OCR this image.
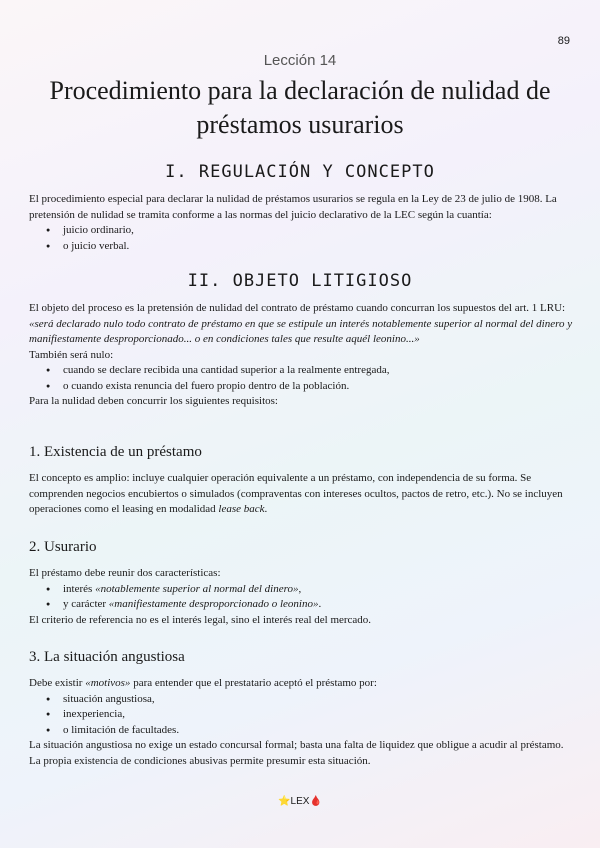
89
Lección 14
Procedimiento para la declaración de nulidad de
préstamos usurarios
I. REGULACIÓN Y CONCEPTO

El procedimiento especial para declarar la nulidad de préstamos usurarios se regula en la Ley de 23 de julio de 1908. La pretensión de nulidad se tramita conforme a las normas del juicio declarativo de la LEC según la cuantía:

● juicio ordinario,
● o juicio verbal.
II. OBJETO LITIGIOSO

El objeto del proceso es la pretensión de nulidad del contrato de préstamo cuando concurran los supuestos del art. 1 LRU:

«será declarado nulo todo contrato de préstamo en que se estipule un interés notablemente superior al normal del dinero y manifiestamente desproporcionado... o en condiciones tales que resulte aquél leonino...»

También será nulo:

● cuando se declare recibida una cantidad superior a la realmente entregada,
● o cuando exista renuncia del fuero propio dentro de la población.

Para la nulidad deben concurrir los siguientes requisitos:

1. Existencia de un préstamo

El concepto es amplio: incluye cualquier operación equivalente a un préstamo, con independencia de su forma. Se comprenden negocios encubiertos o simulados (compraventas con intereses ocultos, pactos de retro, etc.). No se incluyen operaciones como el leasing en modalidad lease back.

2. Usurario

El préstamo debe reunir dos características:

● interés «notablemente superior al normal del dinero»,
● y carácter «manifiestamente desproporcionado o leonino».

El criterio de referencia no es el interés legal, sino el interés real del mercado.

3. La situación angustiosa

Debe existir «motivos» para entender que el prestatario aceptó el préstamo por:

● situación angustiosa,
● inexperiencia,
● o limitación de facultades.

La situación angustiosa no exige un estado concursal formal; basta una falta de liquidez que obligue a acudir al préstamo.

La propia existencia de condiciones abusivas permite presumir esta situación.

⭐LEX🩸
